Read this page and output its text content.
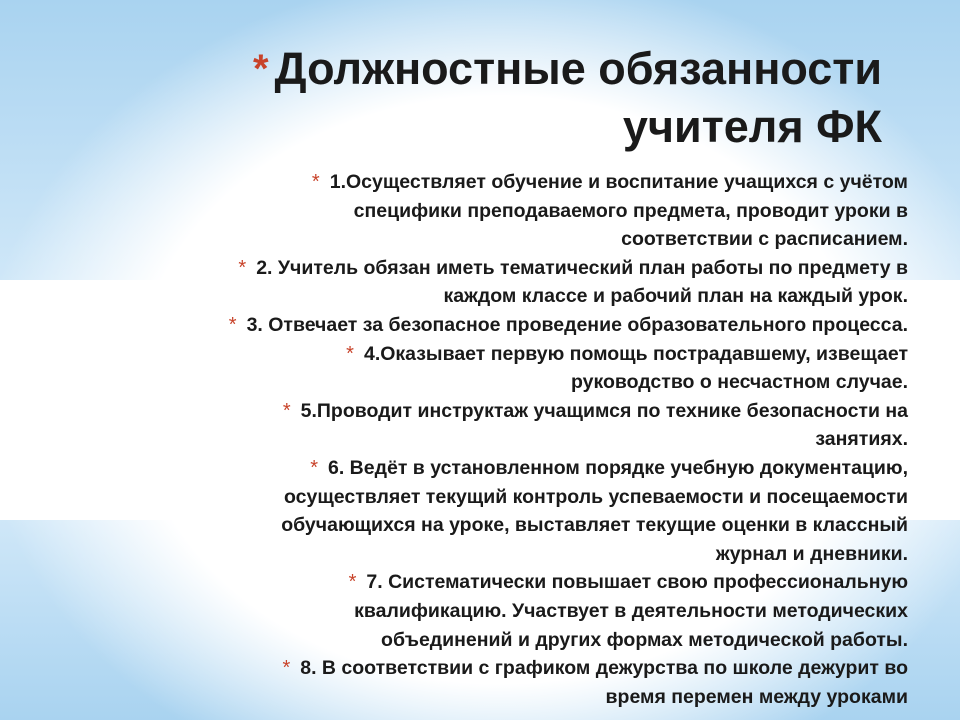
* Должностные обязанности
учителя ФК
* 1.Осуществляет обучение и воспитание учащихся с учётом
специфики преподаваемого предмета, проводит уроки в
соответствии с расписанием.
* 2. Учитель обязан иметь тематический план работы по предмету в
каждом классе и рабочий план на каждый урок.
* 3. Отвечает за безопасное проведение образовательного процесса.
* 4.Оказывает первую помощь пострадавшему, извещает
руководство о несчастном случае.
* 5.Проводит инструктаж учащимся по технике безопасности на
занятиях.
* 6. Ведёт в установленном порядке учебную документацию,
осуществляет текущий контроль успеваемости и посещаемости
обучающихся на уроке, выставляет текущие оценки в классный
журнал и дневники.
* 7. Систематически повышает свою профессиональную
квалификацию. Участвует в деятельности методических
объединений и других формах методической работы.
* 8. В соответствии с графиком дежурства по школе дежурит во
время перемен между уроками
